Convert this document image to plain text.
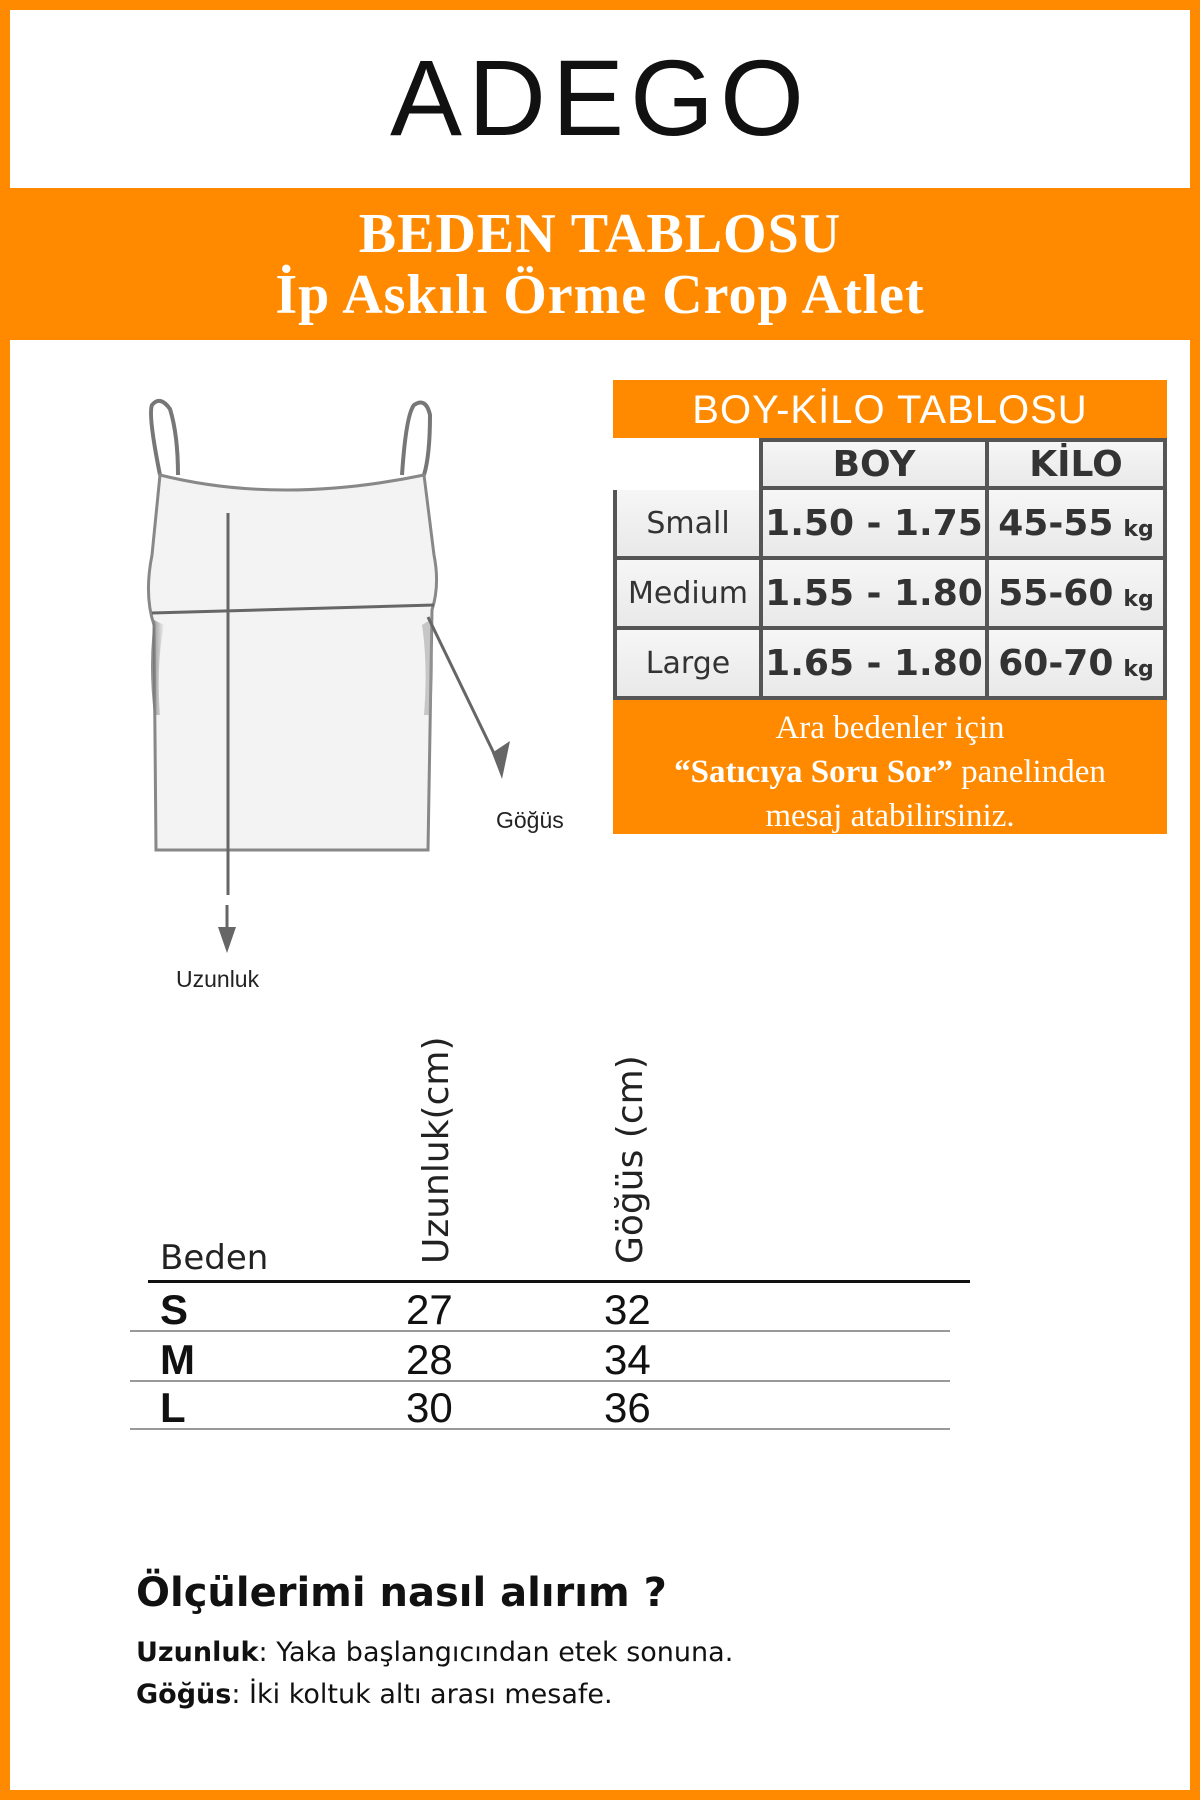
ADEGO
BEDEN TABLOSU
İp Askılı Örme Crop Atlet
Göğüs
Uzunluk
BOY-KİLO TABLOSU
BOY	KİLO
Small 1.50 - 1.75 45-55 kg
Medium 1.55 - 1.80 55-60 kg
Large 1.65 - 1.80 60-70 kg
Ara bedenler için
“Satıcıya Soru Sor” panelinden
mesaj atabilirsiniz.
Beden	Uzunluk(cm)	Göğüs (cm)
S	27	32
M	28	34
L	30	36
Ölçülerimi nasıl alırım ?
Uzunluk: Yaka başlangıcından etek sonuna.
Göğüs: İki koltuk altı arası mesafe.
